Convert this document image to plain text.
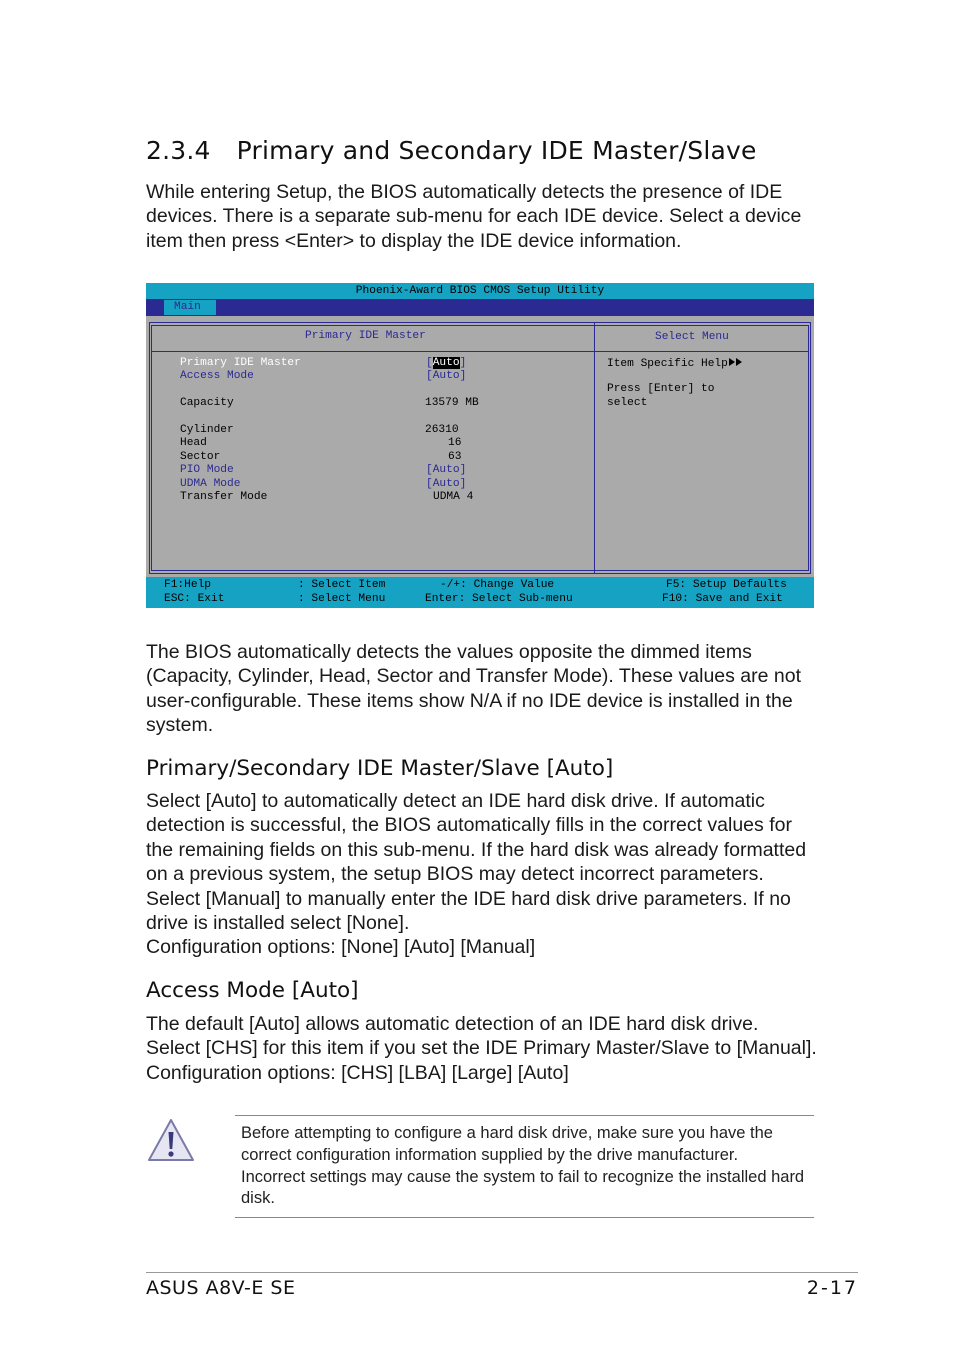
2.3.4 Primary and Secondary IDE Master/Slave

While entering Setup, the BIOS automatically detects the presence of IDE devices. There is a separate sub-menu for each IDE device. Select a device item then press <Enter> to display the IDE device information.

Phoenix-Award BIOS CMOS Setup Utility
Main
Primary IDE Master	Select Menu
Primary IDE Master
Access Mode
Capacity
Cylinder
Head
Sector
PIO Mode
UDMA Mode
Transfer Mode
[Auto]
[Auto]
13579 MB
26310
16
63
[Auto]
[Auto]
UDMA 4
Item Specific Help
Press [Enter] to
select
F1:Help
ESC: Exit
: Select Item
: Select Menu
-/+: Change Value
Enter: Select Sub-menu
F5: Setup Defaults
F10: Save and Exit

The BIOS automatically detects the values opposite the dimmed items (Capacity, Cylinder, Head, Sector and Transfer Mode). These values are not user-configurable. These items show N/A if no IDE device is installed in the system.

Primary/Secondary IDE Master/Slave [Auto]

Select [Auto] to automatically detect an IDE hard disk drive. If automatic detection is successful, the BIOS automatically fills in the correct values for the remaining fields on this sub-menu. If the hard disk was already formatted on a previous system, the setup BIOS may detect incorrect parameters. Select [Manual] to manually enter the IDE hard disk drive parameters. If no drive is installed select [None].

Configuration options: [None] [Auto] [Manual]

Access Mode [Auto]

The default [Auto] allows automatic detection of an IDE hard disk drive. Select [CHS] for this item if you set the IDE Primary Master/Slave to [Manual]. Configuration options: [CHS] [LBA] [Large] [Auto]

Before attempting to configure a hard disk drive, make sure you have the correct configuration information supplied by the drive manufacturer. Incorrect settings may cause the system to fail to recognize the installed hard disk.
ASUS A8V-E SE	2-17
